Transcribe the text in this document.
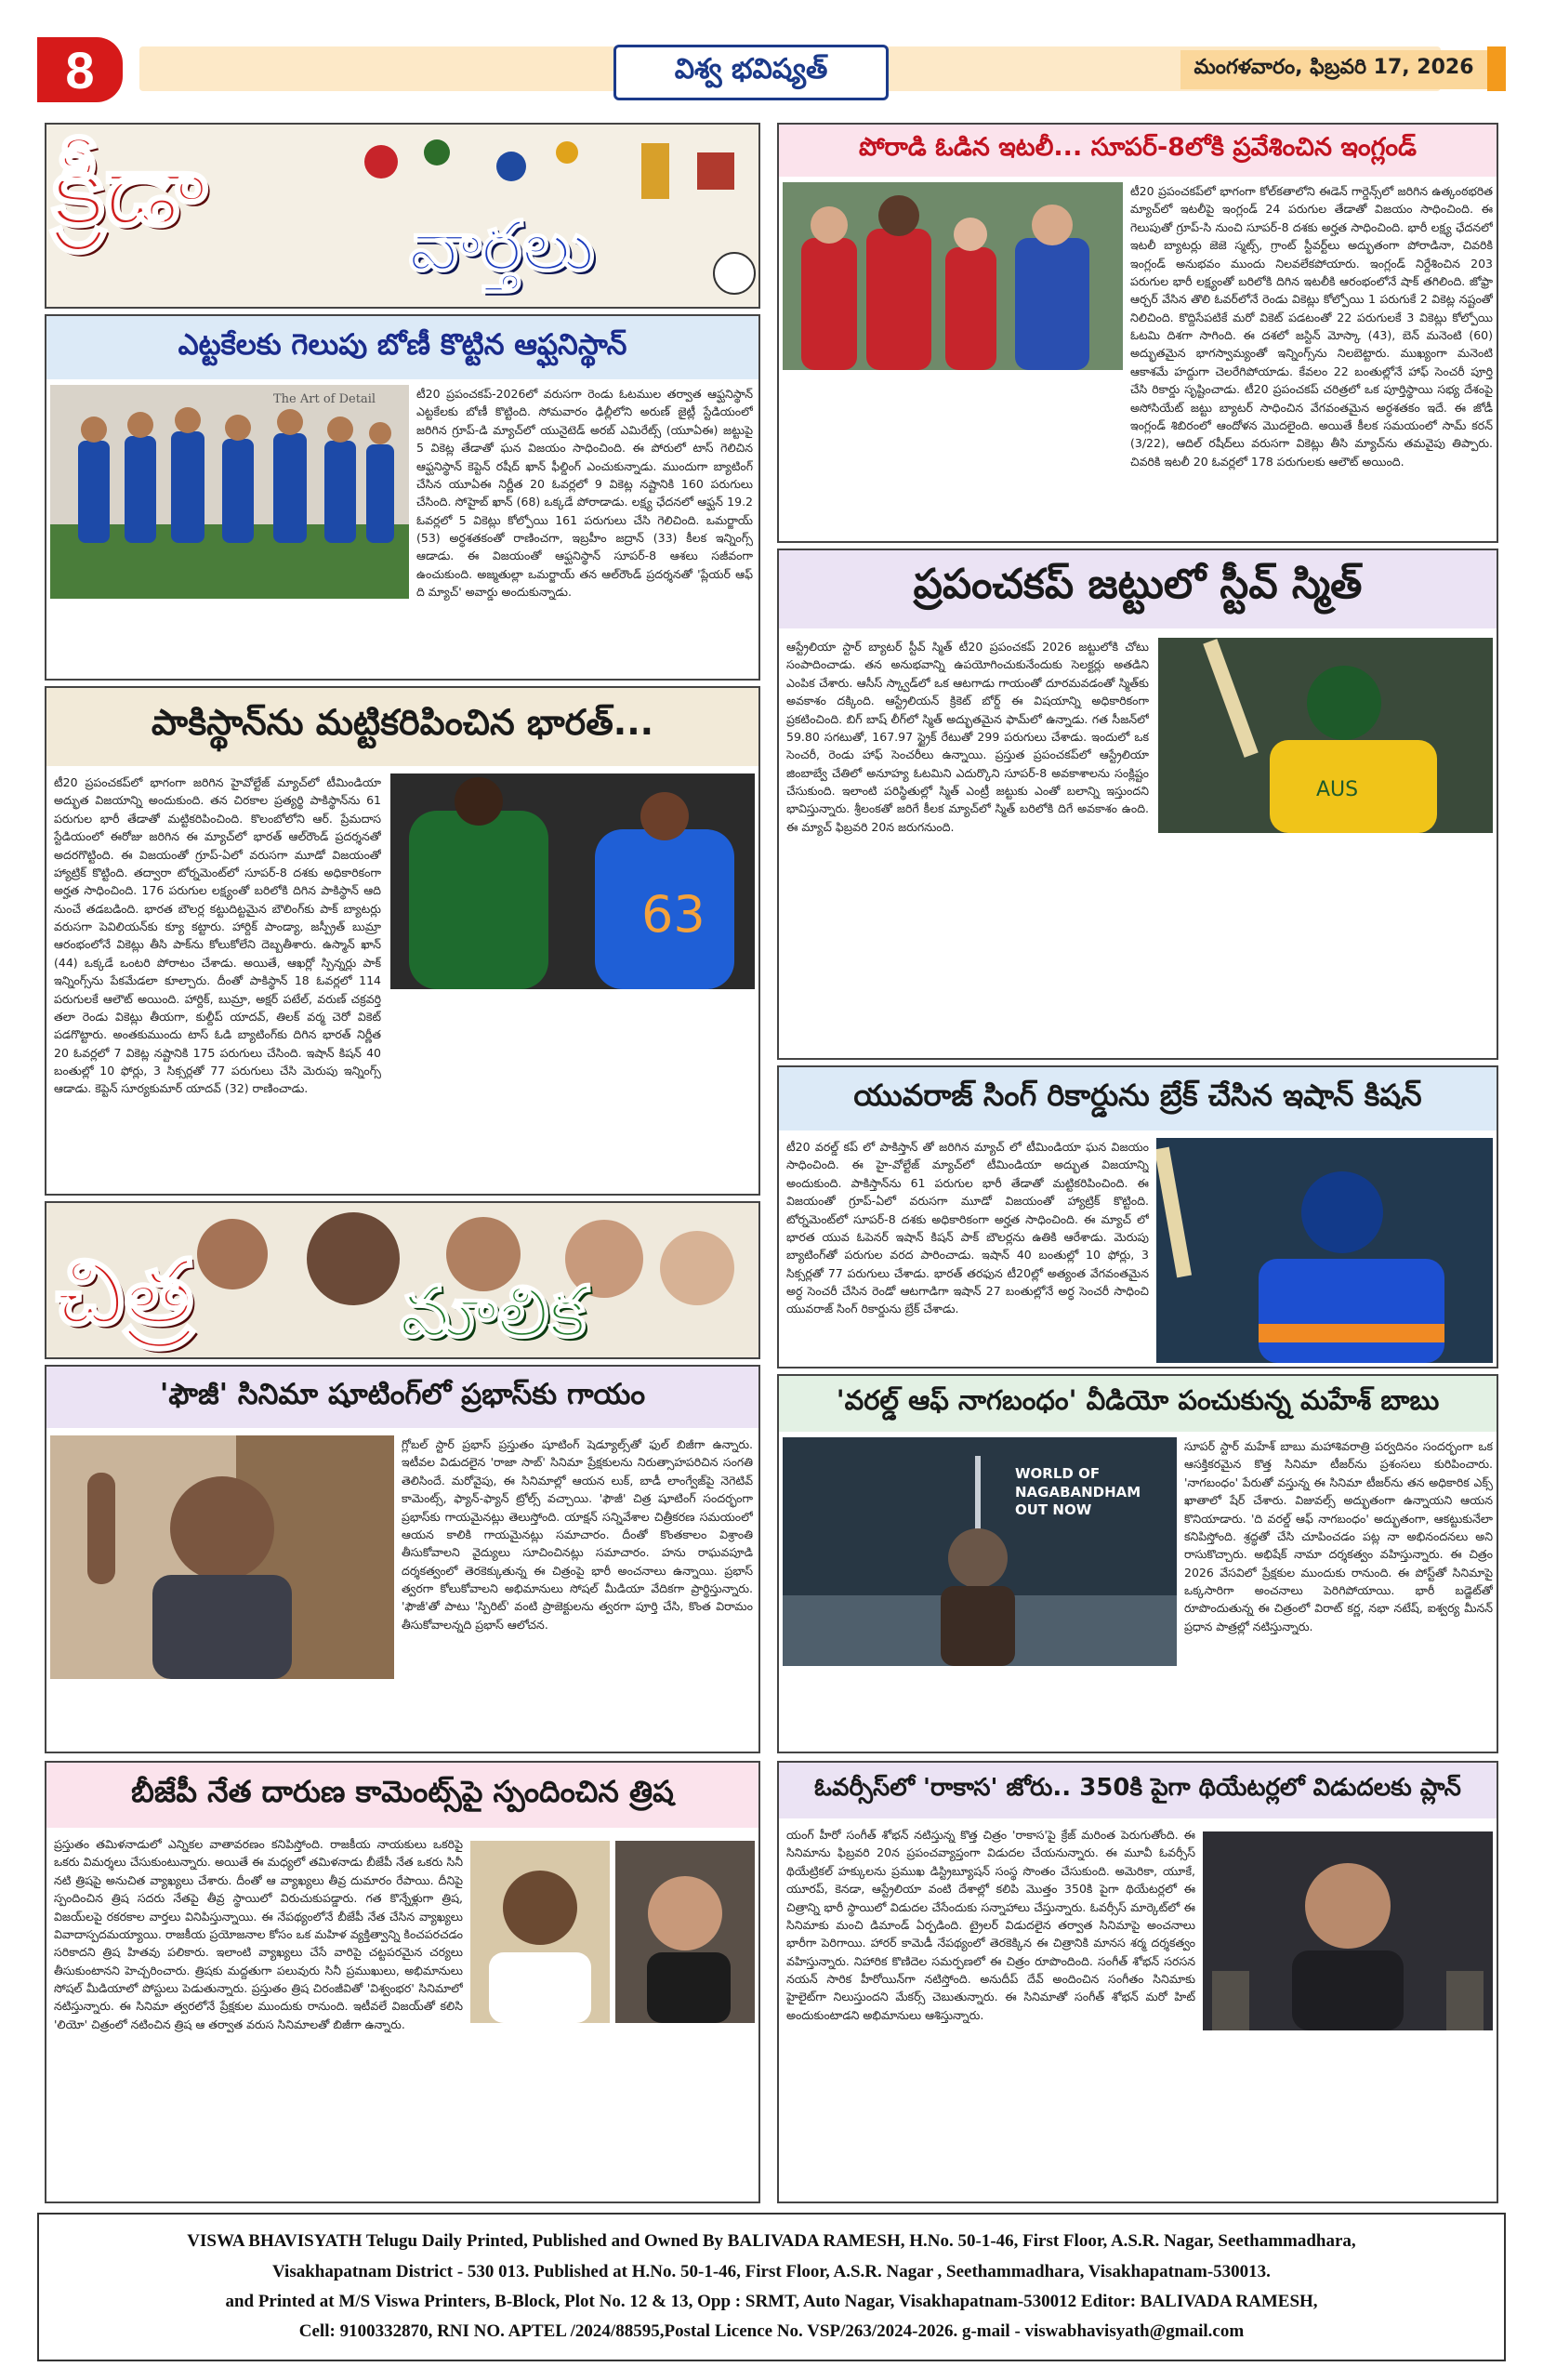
8	విశ్వ భవిష్యత్	మంగళవారం, ఫిబ్రవరి 17, 2026
క్రీడా	వార్తలు
ఎట్టకేలకు గెలుపు బోణీ కొట్టిన ఆఫ్ఘనిస్థాన్
The Art of Detail	టీ20 ప్రపంచకప్-2026లో వరుసగా రెండు ఓటముల తర్వాత ఆఫ్ఘనిస్థాన్ ఎట్టకేలకు బోణీ కొట్టింది. సోమవారం ఢిల్లీలోని అరుణ్ జైట్లీ స్టేడియంలో జరిగిన గ్రూప్-డి మ్యాచ్‌లో యునైటెడ్ అరబ్ ఎమిరేట్స్ (యూఏఈ) జట్టుపై 5 వికెట్ల తేడాతో ఘన విజయం సాధించింది. ఈ పోరులో టాస్ గెలిచిన ఆఫ్ఘనిస్థాన్ కెప్టెన్ రషీద్ ఖాన్ ఫీల్డింగ్ ఎంచుకున్నాడు. ముందుగా బ్యాటింగ్ చేసిన యూఏఈ నిర్ణీత 20 ఓవర్లలో 9 వికెట్ల నష్టానికి 160 పరుగులు చేసింది. సోహైబ్ ఖాన్ (68) ఒక్కడే పోరాడాడు. లక్ష్య ఛేదనలో ఆఫ్ఘన్ 19.2 ఓవర్లలో 5 వికెట్లు కోల్పోయి 161 పరుగులు చేసి గెలిచింది. ఒమర్జాయ్ (53) అర్ధశతకంతో రాణించగా, ఇబ్రహీం జద్రాన్ (33) కీలక ఇన్నింగ్స్ ఆడాడు. ఈ విజయంతో ఆఫ్ఘనిస్థాన్ సూపర్-8 ఆశలు సజీవంగా ఉంచుకుంది. అజ్మతుల్లా ఒమర్జాయ్ తన ఆల్‌రౌండ్ ప్రదర్శనతో 'ప్లేయర్ ఆఫ్ ది మ్యాచ్' అవార్డు అందుకున్నాడు.
పాకిస్థాన్‌ను మట్టికరిపించిన భారత్...
టీ20 ప్రపంచకప్‌లో భాగంగా జరిగిన హైవోల్టేజ్ మ్యాచ్‌లో టీమిండియా అద్భుత విజయాన్ని అందుకుంది. తన చిరకాల ప్రత్యర్థి పాకిస్థాన్‌ను 61 పరుగుల భారీ తేడాతో మట్టికరిపించింది. కొలంబోలోని ఆర్. ప్రేమదాస స్టేడియంలో ఈరోజు జరిగిన ఈ మ్యాచ్‌లో భారత్ ఆల్‌రౌండ్ ప్రదర్శనతో అదరగొట్టింది. ఈ విజయంతో గ్రూప్-ఏలో వరుసగా మూడో విజయంతో హ్యాట్రిక్ కొట్టింది. తద్వారా టోర్నమెంట్‌లో సూపర్-8 దశకు అధికారికంగా అర్హత సాధించింది. 176 పరుగుల లక్ష్యంతో బరిలోకి దిగిన పాకిస్థాన్ ఆది నుంచే తడబడింది. భారత బౌలర్ల కట్టుదిట్టమైన బౌలింగ్‌కు పాక్ బ్యాటర్లు వరుసగా పెవిలియన్‌కు క్యూ కట్టారు. హార్దిక్ పాండ్యా, జస్ప్రీత్ బుమ్రా ఆరంభంలోనే వికెట్లు తీసి పాక్‌ను కోలుకోలేని దెబ్బతీశారు. ఉస్మాన్ ఖాన్ (44) ఒక్కడే ఒంటరి పోరాటం చేశాడు. అయితే, ఆఖర్లో స్పిన్నర్లు పాక్ ఇన్నింగ్స్‌ను పేకమేడలా కూల్చారు. దీంతో పాకిస్థాన్ 18 ఓవర్లలో 114 పరుగులకే ఆలౌట్ అయింది. హార్దిక్, బుమ్రా, అక్షర్ పటేల్, వరుణ్ చక్రవర్తి తలా రెండు వికెట్లు తీయగా, కుల్దీప్ యాదవ్, తిలక్ వర్మ చెరో వికెట్ పడగొట్టారు. అంతకుముందు టాస్ ఓడి బ్యాటింగ్‌కు దిగిన భారత్ నిర్ణీత 20 ఓవర్లలో 7 వికెట్ల నష్టానికి 175 పరుగులు చేసింది. ఇషాన్ కిషన్ 40 బంతుల్లో 10 ఫోర్లు, 3 సిక్సర్లతో 77 పరుగులు చేసి మెరుపు ఇన్నింగ్స్ ఆడాడు. కెప్టెన్ సూర్యకుమార్ యాదవ్ (32) రాణించాడు.
63
చిత్ర	మాలిక
'ఫౌజీ' సినిమా షూటింగ్‌లో ప్రభాస్‌కు గాయం
గ్లోబల్ స్టార్ ప్రభాస్ ప్రస్తుతం షూటింగ్ షెడ్యూల్స్‌తో ఫుల్ బిజీగా ఉన్నారు. ఇటీవల విడుదలైన 'రాజా సాబ్' సినిమా ప్రేక్షకులను నిరుత్సాహపరిచిన సంగతి తెలిసిందే. మరోవైపు, ఈ సినిమాల్లో ఆయన లుక్, బాడీ లాంగ్వేజ్‌పై నెగెటివ్ కామెంట్స్, ఫ్యాన్-ఫ్యాన్ ట్రోల్స్ వచ్చాయి. 'ఫౌజీ' చిత్ర షూటింగ్ సందర్భంగా ప్రభాస్‌కు గాయమైనట్లు తెలుస్తోంది. యాక్షన్ సన్నివేశాల చిత్రీకరణ సమయంలో ఆయన కాలికి గాయమైనట్లు సమాచారం. దీంతో కొంతకాలం విశ్రాంతి తీసుకోవాలని వైద్యులు సూచించినట్లు సమాచారం. హను రాఘవపూడి దర్శకత్వంలో తెరకెక్కుతున్న ఈ చిత్రంపై భారీ అంచనాలు ఉన్నాయి. ప్రభాస్ త్వరగా కోలుకోవాలని అభిమానులు సోషల్ మీడియా వేదికగా ప్రార్థిస్తున్నారు. 'ఫౌజీ'తో పాటు 'స్పిరిట్' వంటి ప్రాజెక్టులను త్వరగా పూర్తి చేసి, కొంత విరామం తీసుకోవాలన్నది ప్రభాస్ ఆలోచన.
బీజేపీ నేత దారుణ కామెంట్స్‌పై స్పందించిన త్రిష
ప్రస్తుతం తమిళనాడులో ఎన్నికల వాతావరణం కనిపిస్తోంది. రాజకీయ నాయకులు ఒకరిపై ఒకరు విమర్శలు చేసుకుంటున్నారు. అయితే ఈ మధ్యలో తమిళనాడు బీజేపీ నేత ఒకరు సినీ నటి త్రిషపై అనుచిత వ్యాఖ్యలు చేశారు. దీంతో ఆ వ్యాఖ్యలు తీవ్ర దుమారం రేపాయి. దీనిపై స్పందించిన త్రిష సదరు నేతపై తీవ్ర స్థాయిలో విరుచుకుపడ్డారు. గత కొన్నేళ్లుగా త్రిష, విజయ్‌లపై రకరకాల వార్తలు వినిపిస్తున్నాయి. ఈ నేపథ్యంలోనే బీజేపీ నేత చేసిన వ్యాఖ్యలు వివాదాస్పదమయ్యాయి. రాజకీయ ప్రయోజనాల కోసం ఒక మహిళ వ్యక్తిత్వాన్ని కించపరచడం సరికాదని త్రిష హితవు పలికారు. ఇలాంటి వ్యాఖ్యలు చేసే వారిపై చట్టపరమైన చర్యలు తీసుకుంటానని హెచ్చరించారు. త్రిషకు మద్దతుగా పలువురు సినీ ప్రముఖులు, అభిమానులు సోషల్ మీడియాలో పోస్టులు పెడుతున్నారు. ప్రస్తుతం త్రిష చిరంజీవితో 'విశ్వంభర' సినిమాలో నటిస్తున్నారు. ఈ సినిమా త్వరలోనే ప్రేక్షకుల ముందుకు రానుంది. ఇటీవలే విజయ్‌తో కలిసి 'లియో' చిత్రంలో నటించిన త్రిష ఆ తర్వాత వరుస సినిమాలతో బిజీగా ఉన్నారు.
పోరాడి ఓడిన ఇటలీ... సూపర్-8లోకి ప్రవేశించిన ఇంగ్లండ్
టీ20 ప్రపంచకప్‌లో భాగంగా కోల్‌కతాలోని ఈడెన్ గార్డెన్స్‌లో జరిగిన ఉత్కంఠభరిత మ్యాచ్‌లో ఇటలీపై ఇంగ్లండ్ 24 పరుగుల తేడాతో విజయం సాధించింది. ఈ గెలుపుతో గ్రూప్-సి నుంచి సూపర్-8 దశకు అర్హత సాధించింది. భారీ లక్ష్య ఛేదనలో ఇటలీ బ్యాటర్లు జెజె స్మట్స్, గ్రాంట్ స్టీవర్ట్‌లు అద్భుతంగా పోరాడినా, చివరికి ఇంగ్లండ్ అనుభవం ముందు నిలవలేకపోయారు. ఇంగ్లండ్ నిర్దేశించిన 203 పరుగుల భారీ లక్ష్యంతో బరిలోకి దిగిన ఇటలీకి ఆరంభంలోనే షాక్ తగిలింది. జోఫ్రా ఆర్చర్ వేసిన తొలి ఓవర్‌లోనే రెండు వికెట్లు కోల్పోయి 1 పరుగుకే 2 వికెట్ల నష్టంతో నిలిచింది. కొద్దిసేపటికే మరో వికెట్ పడటంతో 22 పరుగులకే 3 వికెట్లు కోల్పోయి ఓటమి దిశగా సాగింది. ఈ దశలో జస్టిన్ మోస్కా (43), బెన్ మనెంటి (60) అద్భుతమైన భాగస్వామ్యంతో ఇన్నింగ్స్‌ను నిలబెట్టారు. ముఖ్యంగా మనెంటి ఆకాశమే హద్దుగా చెలరేగిపోయాడు. కేవలం 22 బంతుల్లోనే హాఫ్ సెంచరీ పూర్తి చేసి రికార్డు సృష్టించాడు. టీ20 ప్రపంచకప్ చరిత్రలో ఒక పూర్తిస్థాయి సభ్య దేశంపై అసోసియేట్ జట్టు బ్యాటర్ సాధించిన వేగవంతమైన అర్ధశతకం ఇదే. ఈ జోడీ ఇంగ్లండ్ శిబిరంలో ఆందోళన మొదలైంది. అయితే కీలక సమయంలో సామ్ కరన్ (3/22), ఆదిల్ రషీద్‌లు వరుసగా వికెట్లు తీసి మ్యాచ్‌ను తమవైపు తిప్పారు. చివరికి ఇటలీ 20 ఓవర్లలో 178 పరుగులకు ఆలౌట్ అయింది.
ప్రపంచకప్ జట్టులో స్టీవ్ స్మిత్
ఆస్ట్రేలియా స్టార్ బ్యాటర్ స్టీవ్ స్మిత్ టీ20 ప్రపంచకప్ 2026 జట్టులోకి చోటు సంపాదించాడు. తన అనుభవాన్ని ఉపయోగించుకునేందుకు సెలక్టర్లు అతడిని ఎంపిక చేశారు. ఆసీస్ స్క్వాడ్‌లో ఒక ఆటగాడు గాయంతో దూరమవడంతో స్మిత్‌కు అవకాశం దక్కింది. ఆస్ట్రేలియన్ క్రికెట్ బోర్డ్ ఈ విషయాన్ని అధికారికంగా ప్రకటించింది. బిగ్ బాష్ లీగ్‌లో స్మిత్ అద్భుతమైన ఫామ్‌లో ఉన్నాడు. గత సీజన్‌లో 59.80 సగటుతో, 167.97 స్ట్రైక్ రేటుతో 299 పరుగులు చేశాడు. ఇందులో ఒక సెంచరీ, రెండు హాఫ్ సెంచరీలు ఉన్నాయి. ప్రస్తుత ప్రపంచకప్‌లో ఆస్ట్రేలియా జింబాబ్వే చేతిలో అనూహ్య ఓటమిని ఎదుర్కొని సూపర్-8 అవకాశాలను సంక్లిష్టం చేసుకుంది. ఇలాంటి పరిస్థితుల్లో స్మిత్ ఎంట్రీ జట్టుకు ఎంతో బలాన్ని ఇస్తుందని భావిస్తున్నారు. శ్రీలంకతో జరిగే కీలక మ్యాచ్‌లో స్మిత్ బరిలోకి దిగే అవకాశం ఉంది. ఈ మ్యాచ్ ఫిబ్రవరి 20న జరుగనుంది.
AUS
యువరాజ్ సింగ్ రికార్డును బ్రేక్ చేసిన ఇషాన్ కిషన్
టీ20 వరల్డ్ కప్ లో పాకిస్తాన్ తో జరిగిన మ్యాచ్ లో టీమిండియా ఘన విజయం సాధించింది. ఈ హై-వోల్టేజ్ మ్యాచ్‌లో టీమిండియా అద్భుత విజయాన్ని అందుకుంది. పాకిస్తాన్‌ను 61 పరుగుల భారీ తేడాతో మట్టికరిపించింది. ఈ విజయంతో గ్రూప్-ఏలో వరుసగా మూడో విజయంతో హ్యాట్రిక్ కొట్టింది. టోర్నమెంట్‌లో సూపర్-8 దశకు అధికారికంగా అర్హత సాధించింది. ఈ మ్యాచ్ లో భారత యువ ఓపెనర్ ఇషాన్ కిషన్ పాక్ బౌలర్లను ఉతికి ఆరేశాడు. మెరుపు బ్యాటింగ్‌తో పరుగుల వరద పారించాడు. ఇషాన్ 40 బంతుల్లో 10 ఫోర్లు, 3 సిక్సర్లతో 77 పరుగులు చేశాడు. భారత్ తరఫున టీ20ల్లో అత్యంత వేగవంతమైన అర్ధ సెంచరీ చేసిన రెండో ఆటగాడిగా ఇషాన్ 27 బంతుల్లోనే అర్ధ సెంచరీ సాధించి యువరాజ్ సింగ్ రికార్డును బ్రేక్ చేశాడు.
'వరల్డ్ ఆఫ్ నాగబంధం' వీడియో పంచుకున్న మహేశ్ బాబు
WORLD OF NAGABANDHAM OUT NOW
సూపర్ స్టార్ మహేశ్ బాబు మహాశివరాత్రి పర్వదినం సందర్భంగా ఒక ఆసక్తికరమైన కొత్త సినిమా టీజర్‌ను ప్రశంసలు కురిపించారు. 'నాగబంధం' పేరుతో వస్తున్న ఈ సినిమా టీజర్‌ను తన అధికారిక ఎక్స్ ఖాతాలో షేర్ చేశారు. విజువల్స్ అద్భుతంగా ఉన్నాయని ఆయన కొనియాడారు. 'ది వరల్డ్ ఆఫ్ నాగబంధం' అద్భుతంగా, ఆకట్టుకునేలా కనిపిస్తోంది. శ్రద్ధతో చేసి చూపించడం పట్ల నా అభినందనలు అని రాసుకొచ్చారు. అభిషేక్ నామా దర్శకత్వం వహిస్తున్నారు. ఈ చిత్రం 2026 వేసవిలో ప్రేక్షకుల ముందుకు రానుంది. ఈ పోస్ట్‌తో సినిమాపై ఒక్కసారిగా అంచనాలు పెరిగిపోయాయి. భారీ బడ్జెట్‌తో రూపొందుతున్న ఈ చిత్రంలో విరాట్ కర్ణ, నభా నటేష్, ఐశ్వర్య మీనన్ ప్రధాన పాత్రల్లో నటిస్తున్నారు.
ఓవర్సీస్‌లో 'రాకాస' జోరు.. 350కి పైగా థియేటర్లలో విడుదలకు ప్లాన్
యంగ్ హీరో సంగీత్ శోభన్ నటిస్తున్న కొత్త చిత్రం 'రాకాస'పై క్రేజ్ మరింత పెరుగుతోంది. ఈ సినిమాను ఫిబ్రవరి 20న ప్రపంచవ్యాప్తంగా విడుదల చేయనున్నారు. ఈ మూవీ ఓవర్సీస్ థియేట్రికల్ హక్కులను ప్రముఖ డిస్ట్రిబ్యూషన్ సంస్థ సొంతం చేసుకుంది. అమెరికా, యూకే, యూరప్, కెనడా, ఆస్ట్రేలియా వంటి దేశాల్లో కలిపి మొత్తం 350కి పైగా థియేటర్లలో ఈ చిత్రాన్ని భారీ స్థాయిలో విడుదల చేసేందుకు సన్నాహాలు చేస్తున్నారు. ఓవర్సీస్ మార్కెట్‌లో ఈ సినిమాకు మంచి డిమాండ్ ఏర్పడింది. ట్రైలర్ విడుదలైన తర్వాత సినిమాపై అంచనాలు భారీగా పెరిగాయి. హారర్ కామెడీ నేపథ్యంలో తెరకెక్కిన ఈ చిత్రానికి మానస శర్మ దర్శకత్వం వహిస్తున్నారు. నిహారిక కొణిదెల సమర్పణలో ఈ చిత్రం రూపొందింది. సంగీత్ శోభన్ సరసన నయన్ సారిక హీరోయిన్‌గా నటిస్తోంది. అనుదీప్ దేవ్ అందించిన సంగీతం సినిమాకు హైలైట్‌గా నిలుస్తుందని మేకర్స్ చెబుతున్నారు. ఈ సినిమాతో సంగీత్ శోభన్ మరో హిట్ అందుకుంటాడని అభిమానులు ఆశిస్తున్నారు.
VISWA BHAVISYATH Telugu Daily Printed, Published and Owned By BALIVADA RAMESH, H.No. 50-1-46, First Floor, A.S.R. Nagar, Seethammadhara,
Visakhapatnam District - 530 013. Published at H.No. 50-1-46, First Floor, A.S.R. Nagar , Seethammadhara, Visakhapatnam-530013.
and Printed at M/S Viswa Printers, B-Block, Plot No. 12 & 13, Opp : SRMT, Auto Nagar, Visakhapatnam-530012 Editor: BALIVADA RAMESH,
Cell: 9100332870, RNI NO. APTEL /2024/88595,Postal Licence No. VSP/263/2024-2026. g-mail - viswabhavisyath@gmail.com
